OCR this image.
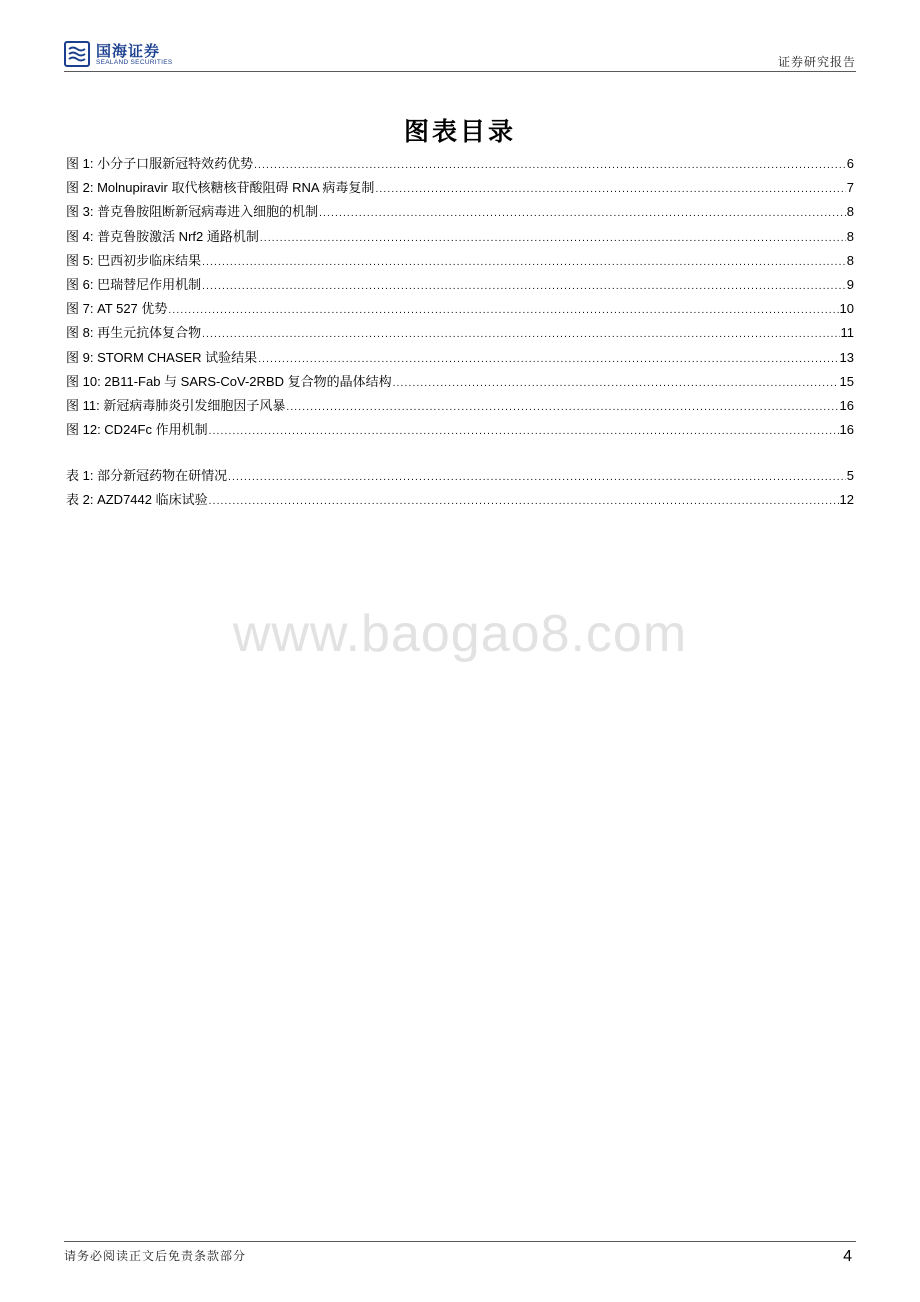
国海证券
SEALAND SECURITIES	证券研究报告
图表目录
图 1: 小分子口服新冠特效药优势 .....	6
图 2: Molnupiravir 取代核糖核苷酸阻碍 RNA 病毒复制 .....	7
图 3: 普克鲁胺阻断新冠病毒进入细胞的机制 .....	8
图 4: 普克鲁胺激活 Nrf2 通路机制 .....	8
图 5: 巴西初步临床结果 .....	8
图 6: 巴瑞替尼作用机制 .....	9
图 7: AT 527 优势 .....	10
图 8: 再生元抗体复合物 .....	11
图 9: STORM CHASER 试验结果 .....	13
图 10: 2B11-Fab 与 SARS-CoV-2RBD 复合物的晶体结构 .....	15
图 11: 新冠病毒肺炎引发细胞因子风暴 .....	16
图 12: CD24Fc 作用机制 .....	16
表 1: 部分新冠药物在研情况 .....	5
表 2: AZD7442 临床试验 .....	12
www.baogao8.com
请务必阅读正文后免责条款部分	4
